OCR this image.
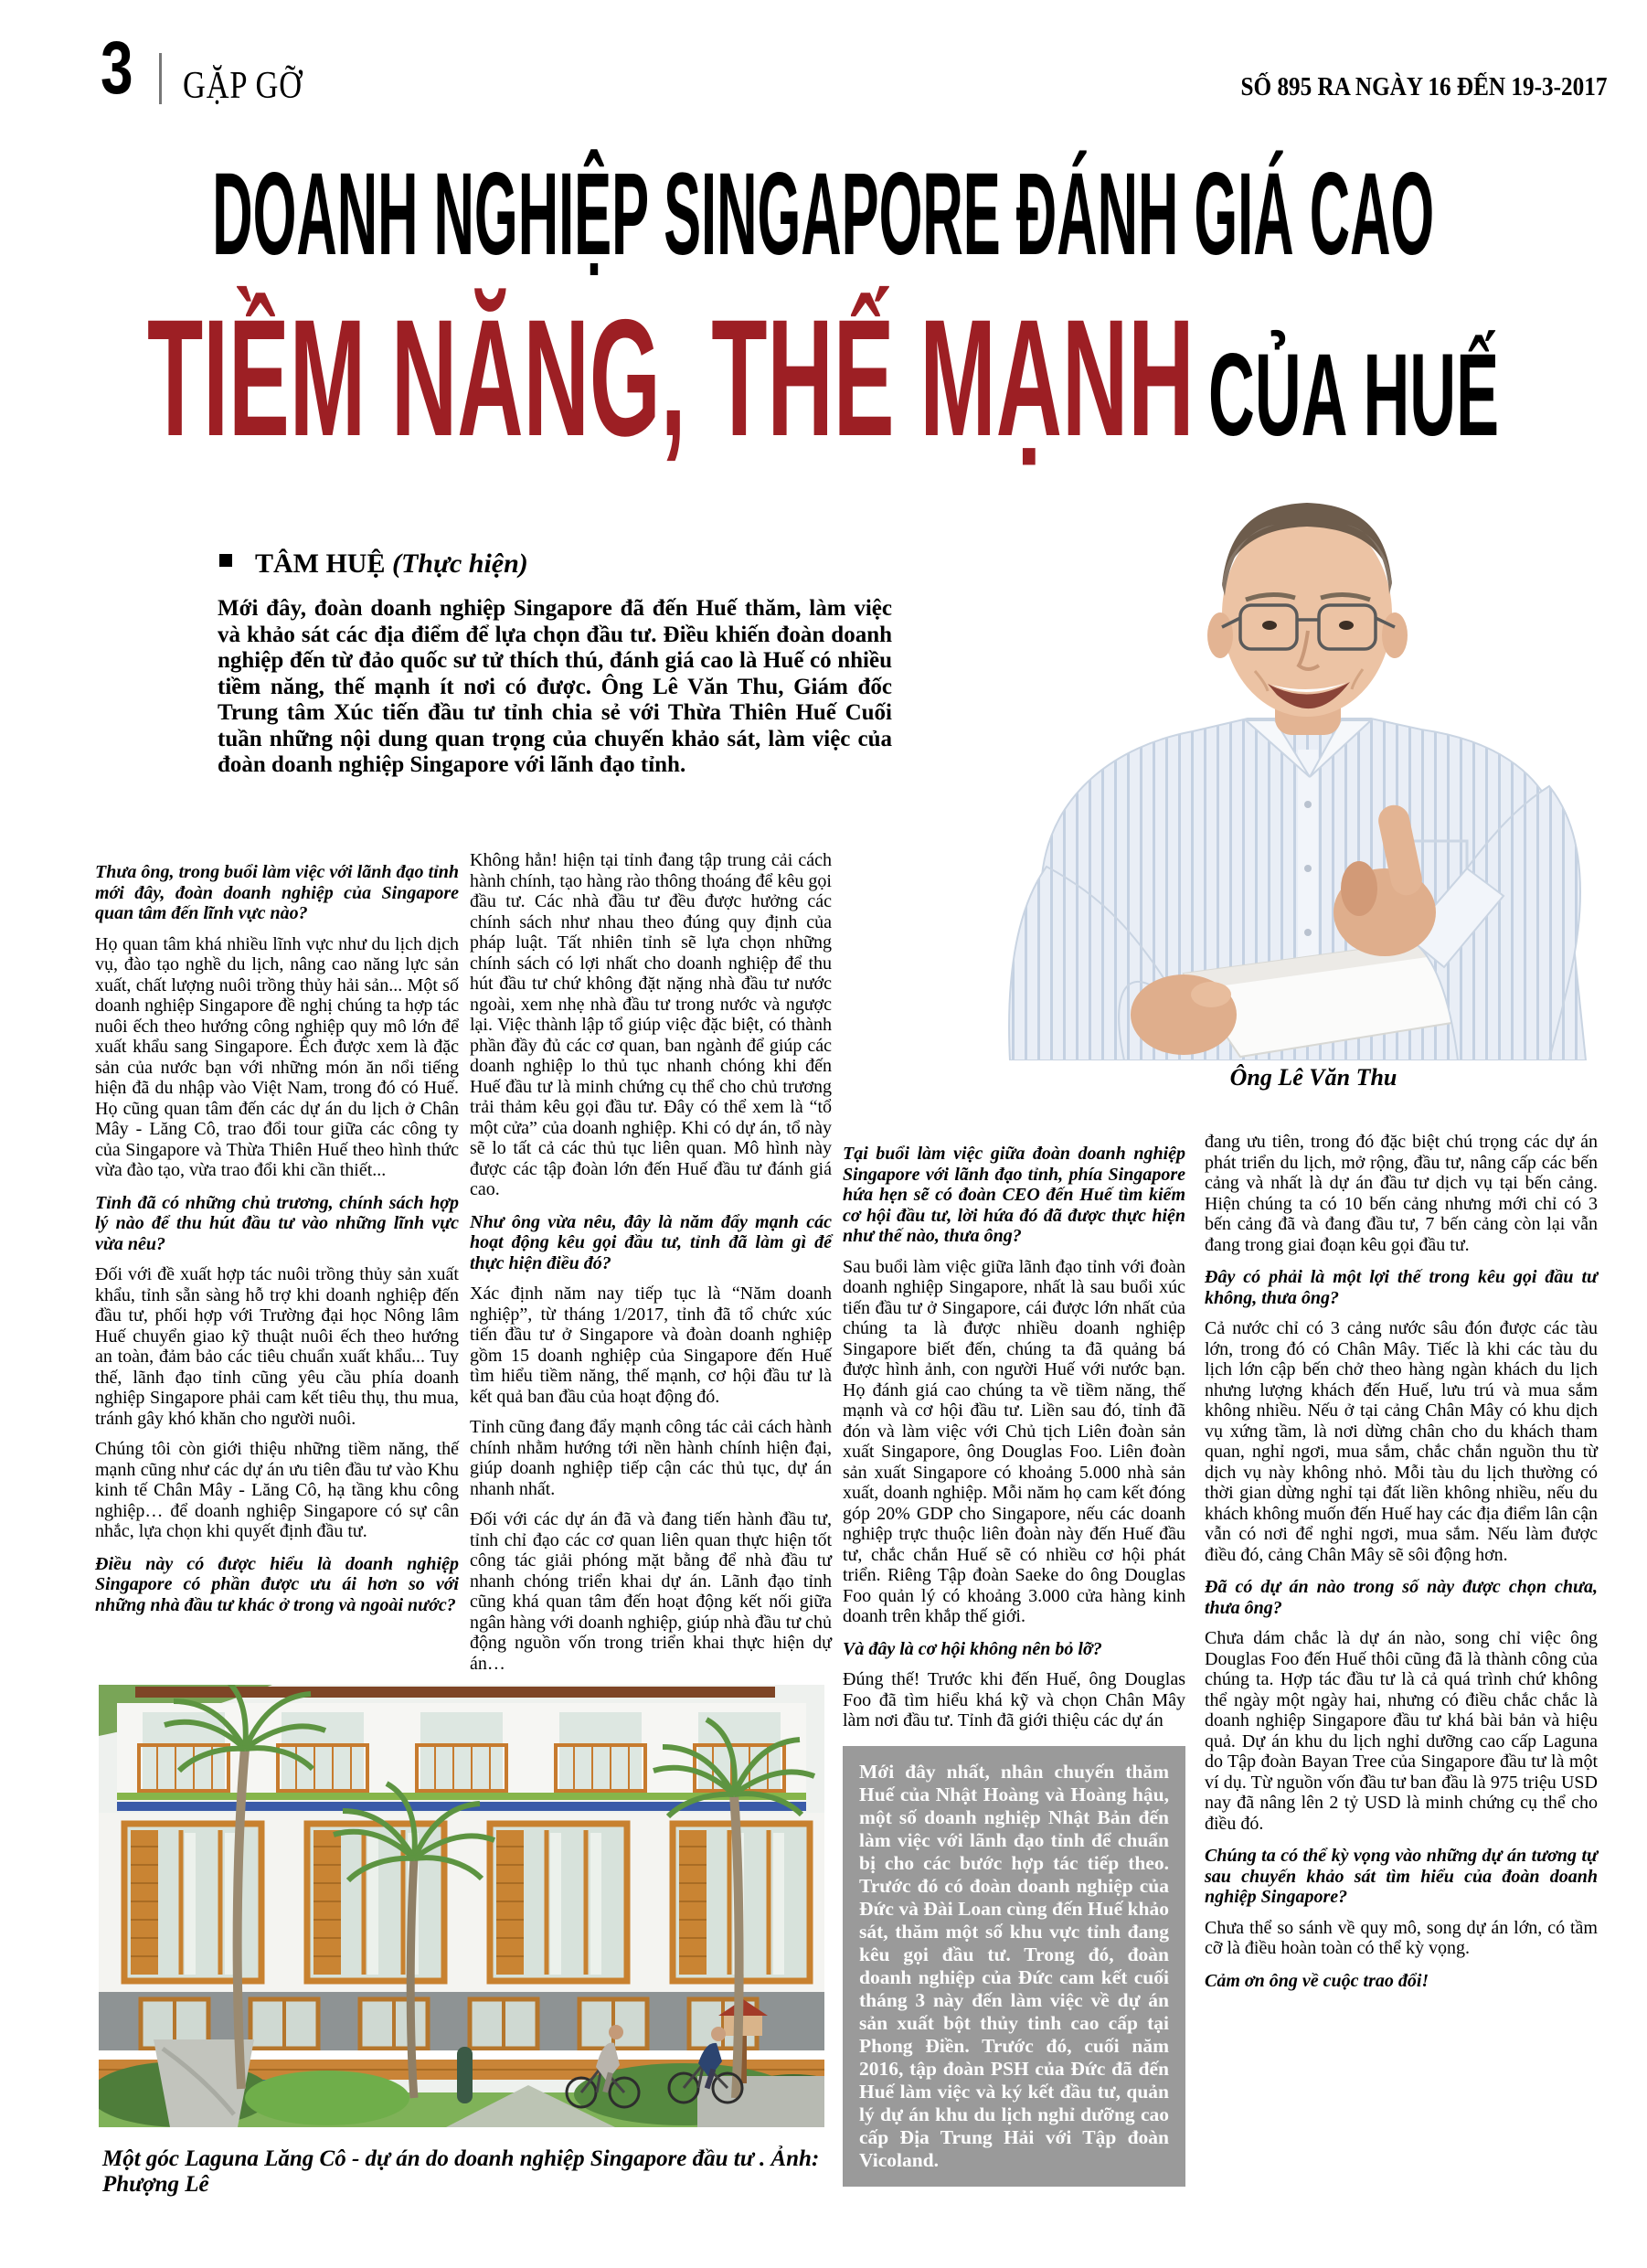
3 GẶP GỠ	SỐ 895 RA NGÀY 16 ĐẾN 19-3-2017
DOANH NGHIỆP SINGAPORE ĐÁNH GIÁ CAO
TIỀM NĂNG, THẾ MẠNH CỦA HUẾ
TÂM HUỆ (Thực hiện)
Mới đây, đoàn doanh nghiệp Singapore đã đến Huế thăm, làm việc và khảo sát các địa điểm để lựa chọn đầu tư. Điều khiến đoàn doanh nghiệp đến từ đảo quốc sư tử thích thú, đánh giá cao là Huế có nhiều tiềm năng, thế mạnh ít nơi có được. Ông Lê Văn Thu, Giám đốc Trung tâm Xúc tiến đầu tư tỉnh chia sẻ với Thừa Thiên Huế Cuối tuần những nội dung quan trọng của chuyến khảo sát, làm việc của đoàn doanh nghiệp Singapore với lãnh đạo tỉnh.

Thưa ông, trong buổi làm việc với lãnh đạo tỉnh mới đây, đoàn doanh nghiệp của Singapore quan tâm đến lĩnh vực nào?

Họ quan tâm khá nhiều lĩnh vực như du lịch dịch vụ, đào tạo nghề du lịch, nâng cao năng lực sản xuất, chất lượng nuôi trồng thủy hải sản... Một số doanh nghiệp Singapore đề nghị chúng ta hợp tác nuôi ếch theo hướng công nghiệp quy mô lớn để xuất khẩu sang Singapore. Ếch được xem là đặc sản của nước bạn với những món ăn nổi tiếng hiện đã du nhập vào Việt Nam, trong đó có Huế. Họ cũng quan tâm đến các dự án du lịch ở Chân Mây - Lăng Cô, trao đổi tour giữa các công ty của Singapore và Thừa Thiên Huế theo hình thức vừa đào tạo, vừa trao đổi khi cần thiết...

Tỉnh đã có những chủ trương, chính sách hợp lý nào để thu hút đầu tư vào những lĩnh vực vừa nêu?

Đối với đề xuất hợp tác nuôi trồng thủy sản xuất khẩu, tỉnh sẵn sàng hỗ trợ khi doanh nghiệp đến đầu tư, phối hợp với Trường đại học Nông lâm Huế chuyển giao kỹ thuật nuôi ếch theo hướng an toàn, đảm bảo các tiêu chuẩn xuất khẩu... Tuy thế, lãnh đạo tỉnh cũng yêu cầu phía doanh nghiệp Singapore phải cam kết tiêu thụ, thu mua, tránh gây khó khăn cho người nuôi.

Chúng tôi còn giới thiệu những tiềm năng, thế mạnh cũng như các dự án ưu tiên đầu tư vào Khu kinh tế Chân Mây - Lăng Cô, hạ tầng khu công nghiệp… để doanh nghiệp Singapore có sự cân nhắc, lựa chọn khi quyết định đầu tư.

Điều này có được hiểu là doanh nghiệp Singapore có phần được ưu ái hơn so với những nhà đầu tư khác ở trong và ngoài nước?

Không hẳn! hiện tại tỉnh đang tập trung cải cách hành chính, tạo hàng rào thông thoáng để kêu gọi đầu tư. Các nhà đầu tư đều được hưởng các chính sách như nhau theo đúng quy định của pháp luật. Tất nhiên tỉnh sẽ lựa chọn những chính sách có lợi nhất cho doanh nghiệp để thu hút đầu tư chứ không đặt nặng nhà đầu tư nước ngoài, xem nhẹ nhà đầu tư trong nước và ngược lại. Việc thành lập tổ giúp việc đặc biệt, có thành phần đầy đủ các cơ quan, ban ngành để giúp các doanh nghiệp lo thủ tục nhanh chóng khi đến Huế đầu tư là minh chứng cụ thể cho chủ trương trải thảm kêu gọi đầu tư. Đây có thể xem là “tổ một cửa” của doanh nghiệp. Khi có dự án, tổ này sẽ lo tất cả các thủ tục liên quan. Mô hình này được các tập đoàn lớn đến Huế đầu tư đánh giá cao.

Như ông vừa nêu, đây là năm đẩy mạnh các hoạt động kêu gọi đầu tư, tỉnh đã làm gì để thực hiện điều đó?

Xác định năm nay tiếp tục là “Năm doanh nghiệp”, từ tháng 1/2017, tỉnh đã tổ chức xúc tiến đầu tư ở Singapore và đoàn doanh nghiệp gồm 15 doanh nghiệp của Singapore đến Huế tìm hiểu tiềm năng, thế mạnh, cơ hội đầu tư là kết quả ban đầu của hoạt động đó.

Tỉnh cũng đang đẩy mạnh công tác cải cách hành chính nhằm hướng tới nền hành chính hiện đại, giúp doanh nghiệp tiếp cận các thủ tục, dự án nhanh nhất.

Đối với các dự án đã và đang tiến hành đầu tư, tỉnh chỉ đạo các cơ quan liên quan thực hiện tốt công tác giải phóng mặt bằng để nhà đầu tư nhanh chóng triển khai dự án. Lãnh đạo tỉnh cũng khá quan tâm đến hoạt động kết nối giữa ngân hàng với doanh nghiệp, giúp nhà đầu tư chủ động nguồn vốn trong triển khai thực hiện dự án…

Tại buổi làm việc giữa đoàn doanh nghiệp Singapore với lãnh đạo tỉnh, phía Singapore hứa hẹn sẽ có đoàn CEO đến Huế tìm kiếm cơ hội đầu tư, lời hứa đó đã được thực hiện như thế nào, thưa ông?

Sau buổi làm việc giữa lãnh đạo tỉnh với đoàn doanh nghiệp Singapore, nhất là sau buổi xúc tiến đầu tư ở Singapore, cái được lớn nhất của chúng ta là được nhiều doanh nghiệp Singapore biết đến, chúng ta đã quảng bá được hình ảnh, con người Huế với nước bạn. Họ đánh giá cao chúng ta về tiềm năng, thế mạnh và cơ hội đầu tư. Liền sau đó, tỉnh đã đón và làm việc với Chủ tịch Liên đoàn sản xuất Singapore, ông Douglas Foo. Liên đoàn sản xuất Singapore có khoảng 5.000 nhà sản xuất, doanh nghiệp. Mỗi năm họ cam kết đóng góp 20% GDP cho Singapore, nếu các doanh nghiệp trực thuộc liên đoàn này đến Huế đầu tư, chắc chắn Huế sẽ có nhiều cơ hội phát triển. Riêng Tập đoàn Saeke do ông Douglas Foo quản lý có khoảng 3.000 cửa hàng kinh doanh trên khắp thế giới.

Và đây là cơ hội không nên bỏ lỡ?

Đúng thế! Trước khi đến Huế, ông Douglas Foo đã tìm hiểu khá kỹ và chọn Chân Mây làm nơi đầu tư. Tỉnh đã giới thiệu các dự án

Mới đây nhất, nhân chuyến thăm Huế của Nhật Hoàng và Hoàng hậu, một số doanh nghiệp Nhật Bản đến làm việc với lãnh đạo tỉnh để chuẩn bị cho các bước hợp tác tiếp theo. Trước đó có đoàn doanh nghiệp của Đức và Đài Loan cùng đến Huế khảo sát, thăm một số khu vực tỉnh đang kêu gọi đầu tư. Trong đó, đoàn doanh nghiệp của Đức cam kết cuối tháng 3 này đến làm việc về dự án sản xuất bột thủy tinh cao cấp tại Phong Điền. Trước đó, cuối năm 2016, tập đoàn PSH của Đức đã đến Huế làm việc và ký kết đầu tư, quản lý dự án khu du lịch nghỉ dưỡng cao cấp Địa Trung Hải với Tập đoàn Vicoland.

đang ưu tiên, trong đó đặc biệt chú trọng các dự án phát triển du lịch, mở rộng, đầu tư, nâng cấp các bến cảng và nhất là dự án đầu tư dịch vụ tại bến cảng. Hiện chúng ta có 10 bến cảng nhưng mới chỉ có 3 bến cảng đã và đang đầu tư, 7 bến cảng còn lại vẫn đang trong giai đoạn kêu gọi đầu tư.

Đây có phải là một lợi thế trong kêu gọi đầu tư không, thưa ông?

Cả nước chỉ có 3 cảng nước sâu đón được các tàu lớn, trong đó có Chân Mây. Tiếc là khi các tàu du lịch lớn cập bến chở theo hàng ngàn khách du lịch nhưng lượng khách đến Huế, lưu trú và mua sắm không nhiều. Nếu ở tại cảng Chân Mây có khu dịch vụ xứng tầm, là nơi dừng chân cho du khách tham quan, nghỉ ngơi, mua sắm, chắc chắn nguồn thu từ dịch vụ này không nhỏ. Mỗi tàu du lịch thường có thời gian dừng nghỉ tại đất liền không nhiều, nếu du khách không muốn đến Huế hay các địa điểm lân cận vẫn có nơi để nghỉ ngơi, mua sắm. Nếu làm được điều đó, cảng Chân Mây sẽ sôi động hơn.

Đã có dự án nào trong số này được chọn chưa, thưa ông?

Chưa dám chắc là dự án nào, song chỉ việc ông Douglas Foo đến Huế thôi cũng đã là thành công của chúng ta. Hợp tác đầu tư là cả quá trình chứ không thể ngày một ngày hai, nhưng có điều chắc chắc là doanh nghiệp Singapore đầu tư khá bài bản và hiệu quả. Dự án khu du lịch nghỉ dưỡng cao cấp Laguna do Tập đoàn Bayan Tree của Singapore đầu tư là một ví dụ. Từ nguồn vốn đầu tư ban đầu là 975 triệu USD nay đã nâng lên 2 tỷ USD là minh chứng cụ thể cho điều đó.

Chúng ta có thể kỳ vọng vào những dự án tương tự sau chuyến khảo sát tìm hiểu của đoàn doanh nghiệp Singapore?

Chưa thể so sánh về quy mô, song dự án lớn, có tầm cỡ là điều hoàn toàn có thể kỳ vọng.

Cảm ơn ông về cuộc trao đổi!

Ông Lê Văn Thu
Một góc Laguna Lăng Cô - dự án do doanh nghiệp Singapore đầu tư . Ảnh: Phượng Lê
